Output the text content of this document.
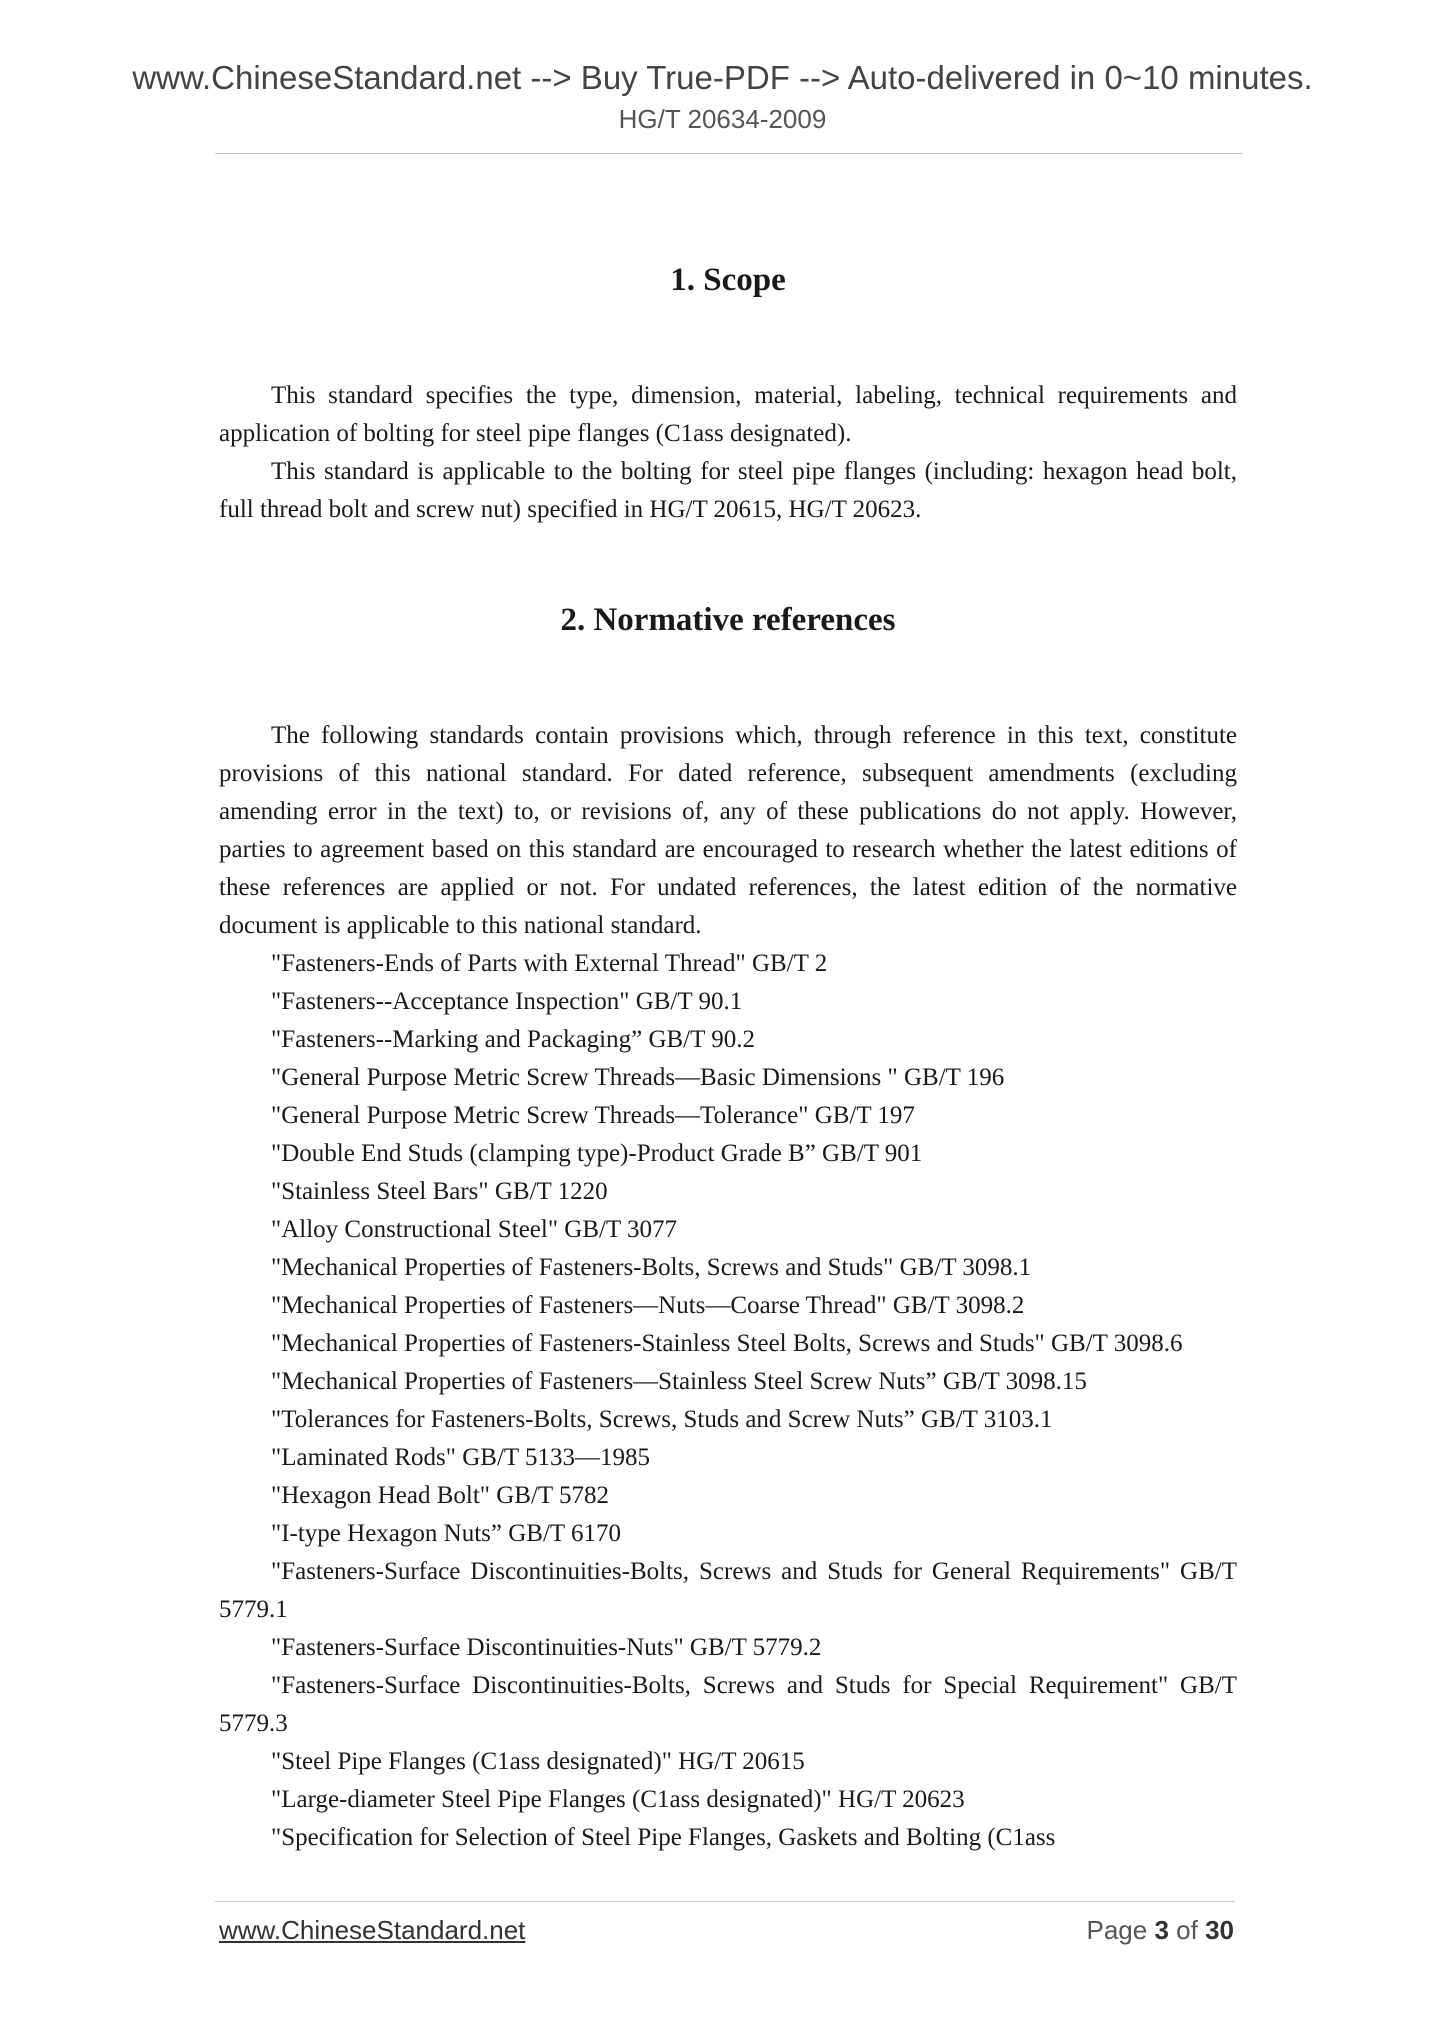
www.ChineseStandard.net --> Buy True-PDF --> Auto-delivered in 0~10 minutes.
HG/T 20634-2009
1. Scope

This standard specifies the type, dimension, material, labeling, technical requirements and application of bolting for steel pipe flanges (C1ass designated).

This standard is applicable to the bolting for steel pipe flanges (including: hexagon head bolt, full thread bolt and screw nut) specified in HG/T 20615, HG/T 20623.

2. Normative references

The following standards contain provisions which, through reference in this text, constitute provisions of this national standard. For dated reference, subsequent amendments (excluding amending error in the text) to, or revisions of, any of these publications do not apply. However, parties to agreement based on this standard are encouraged to research whether the latest editions of these references are applied or not. For undated references, the latest edition of the normative document is applicable to this national standard.

"Fasteners-Ends of Parts with External Thread" GB/T 2
"Fasteners--Acceptance Inspection" GB/T 90.1
"Fasteners--Marking and Packaging” GB/T 90.2
"General Purpose Metric Screw Threads—Basic Dimensions " GB/T 196
"General Purpose Metric Screw Threads—Tolerance" GB/T 197
"Double End Studs (clamping type)-Product Grade B” GB/T 901
"Stainless Steel Bars" GB/T 1220
"Alloy Constructional Steel" GB/T 3077
"Mechanical Properties of Fasteners-Bolts, Screws and Studs" GB/T 3098.1
"Mechanical Properties of Fasteners—Nuts—Coarse Thread" GB/T 3098.2
"Mechanical Properties of Fasteners-Stainless Steel Bolts, Screws and Studs" GB/T 3098.6
"Mechanical Properties of Fasteners—Stainless Steel Screw Nuts” GB/T 3098.15
"Tolerances for Fasteners-Bolts, Screws, Studs and Screw Nuts” GB/T 3103.1
"Laminated Rods" GB/T 5133—1985
"Hexagon Head Bolt" GB/T 5782
"I-type Hexagon Nuts” GB/T 6170
"Fasteners-Surface Discontinuities-Bolts, Screws and Studs for General Requirements" GB/T 5779.1
"Fasteners-Surface Discontinuities-Nuts" GB/T 5779.2
"Fasteners-Surface Discontinuities-Bolts, Screws and Studs for Special Requirement" GB/T 5779.3
"Steel Pipe Flanges (C1ass designated)" HG/T 20615
"Large-diameter Steel Pipe Flanges (C1ass designated)" HG/T 20623
"Specification for Selection of Steel Pipe Flanges, Gaskets and Bolting (C1ass
www.ChineseStandard.net	Page 3 of 30
